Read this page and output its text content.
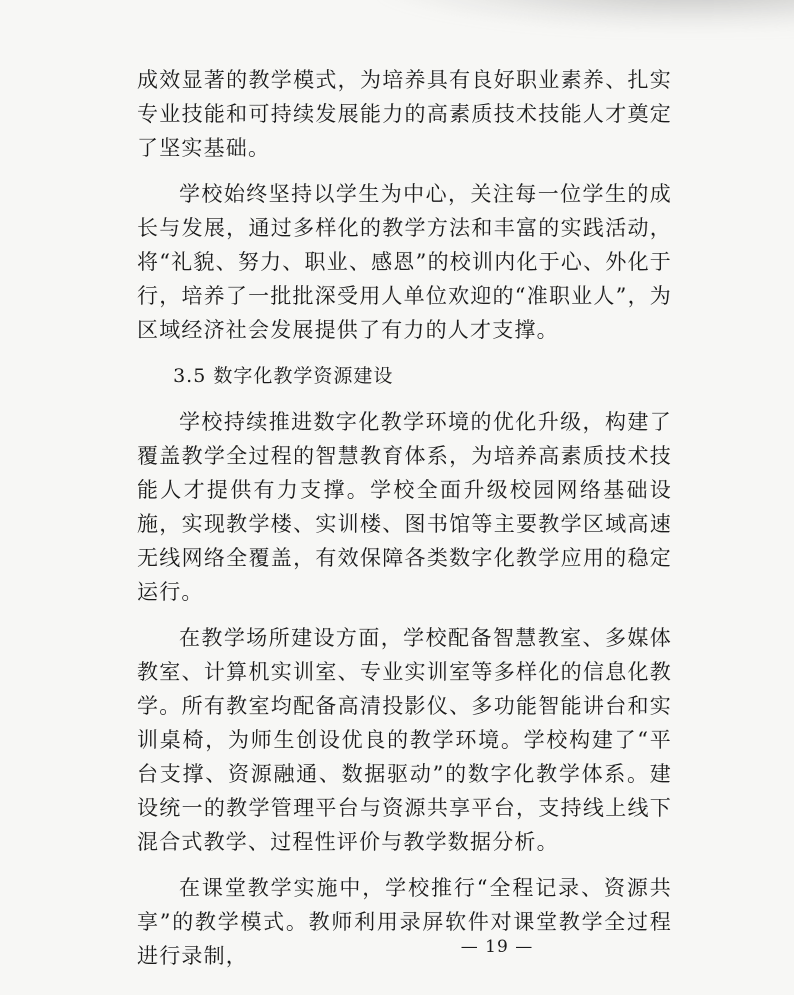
成效显著的教学模式，为培养具有良好职业素养、扎实专业技能和可持续发展能力的高素质技术技能人才奠定了坚实基础。

学校始终坚持以学生为中心，关注每一位学生的成长与发展，通过多样化的教学方法和丰富的实践活动，将“礼貌、努力、职业、感恩”的校训内化于心、外化于行，培养了一批批深受用人单位欢迎的“准职业人”，为区域经济社会发展提供了有力的人才支撑。

3.5 数字化教学资源建设

学校持续推进数字化教学环境的优化升级，构建了覆盖教学全过程的智慧教育体系，为培养高素质技术技能人才提供有力支撑。学校全面升级校园网络基础设施，实现教学楼、实训楼、图书馆等主要教学区域高速无线网络全覆盖，有效保障各类数字化教学应用的稳定运行。

在教学场所建设方面，学校配备智慧教室、多媒体教室、计算机实训室、专业实训室等多样化的信息化教学。所有教室均配备高清投影仪、多功能智能讲台和实训桌椅，为师生创设优良的教学环境。学校构建了“平台支撑、资源融通、数据驱动”的数字化教学体系。建设统一的教学管理平台与资源共享平台，支持线上线下混合式教学、过程性评价与教学数据分析。

在课堂教学实施中，学校推行“全程记录、资源共享”的教学模式。教师利用录屏软件对课堂教学全过程进行录制，	— 19 —
